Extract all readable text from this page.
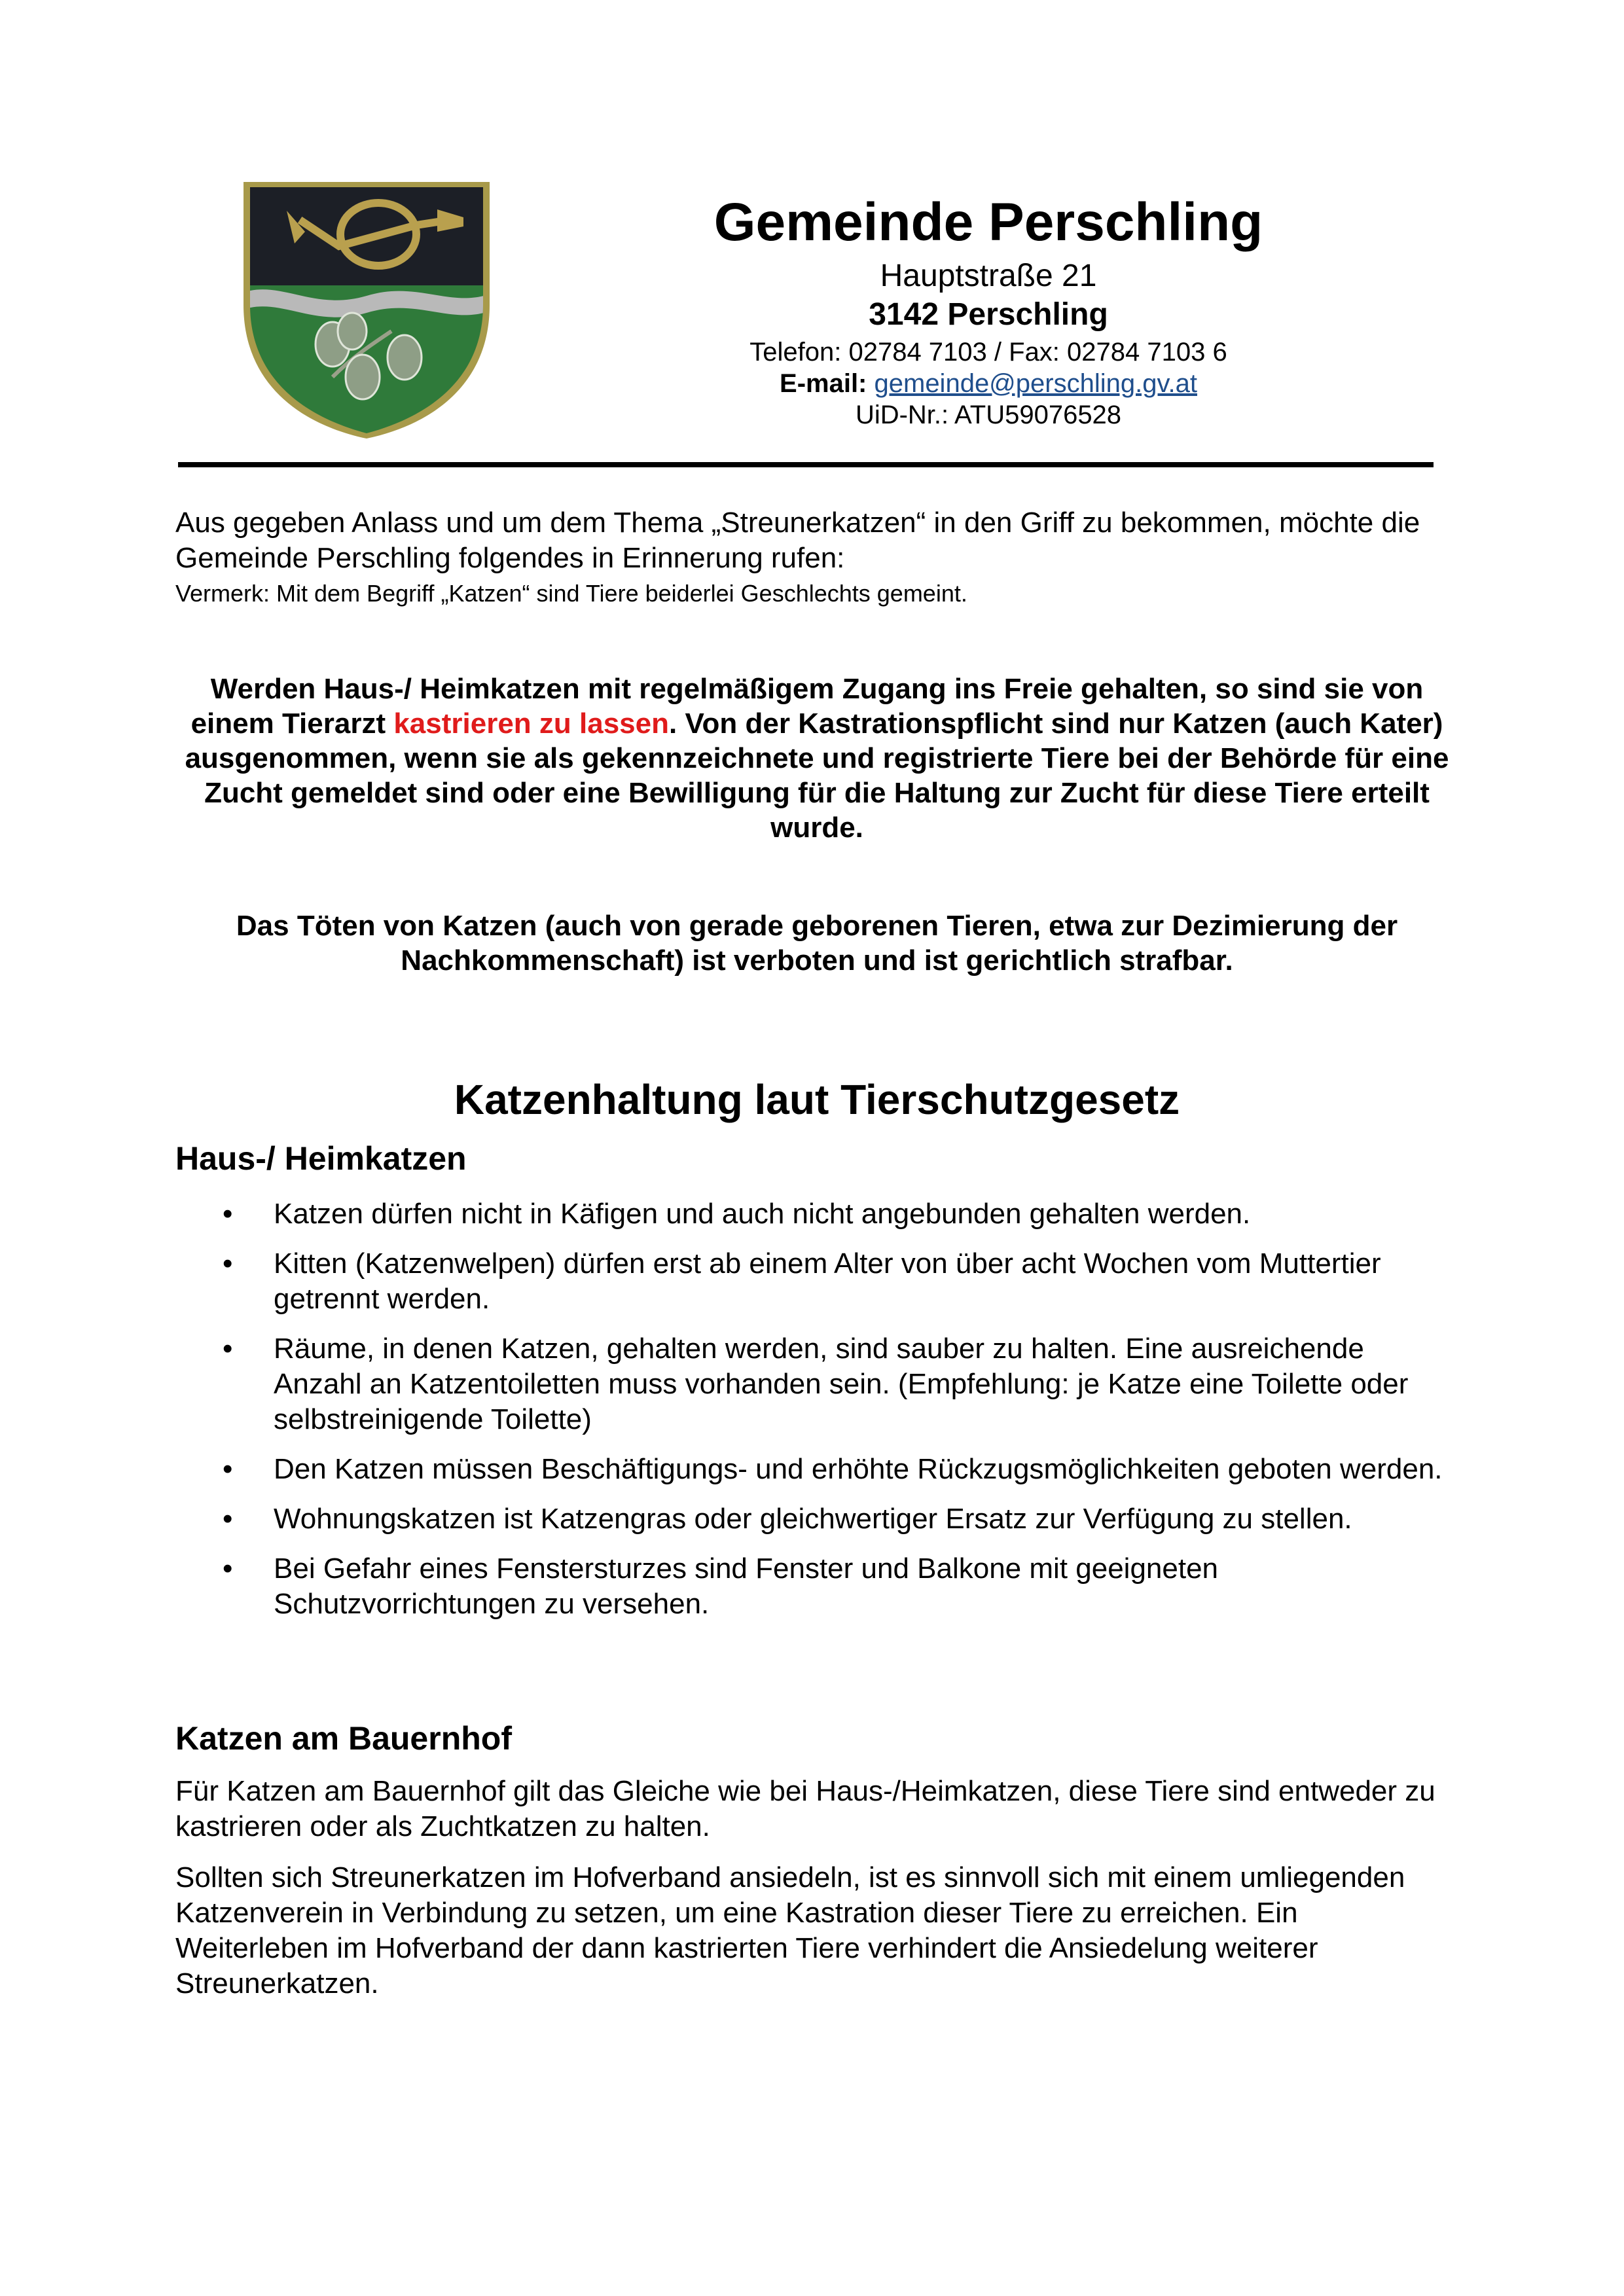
Gemeinde Perschling
Hauptstraße 21
3142 Perschling
Telefon: 02784 7103 / Fax: 02784 7103 6
E-mail: gemeinde@perschling.gv.at
UiD-Nr.: ATU59076528
Aus gegeben Anlass und um dem Thema „Streunerkatzen“ in den Griff zu bekommen, möchte die Gemeinde Perschling folgendes in Erinnerung rufen:
Vermerk: Mit dem Begriff „Katzen“ sind Tiere beiderlei Geschlechts gemeint.
Werden Haus-/ Heimkatzen mit regelmäßigem Zugang ins Freie gehalten, so sind sie von einem Tierarzt kastrieren zu lassen. Von der Kastrationspflicht sind nur Katzen (auch Kater) ausgenommen, wenn sie als gekennzeichnete und registrierte Tiere bei der Behörde für eine Zucht gemeldet sind oder eine Bewilligung für die Haltung zur Zucht für diese Tiere erteilt wurde.
Das Töten von Katzen (auch von gerade geborenen Tieren, etwa zur Dezimierung der Nachkommenschaft) ist verboten und ist gerichtlich strafbar.
Katzenhaltung laut Tierschutzgesetz
Haus-/ Heimkatzen
• Katzen dürfen nicht in Käfigen und auch nicht angebunden gehalten werden.
• Kitten (Katzenwelpen) dürfen erst ab einem Alter von über acht Wochen vom Muttertier getrennt werden.
• Räume, in denen Katzen, gehalten werden, sind sauber zu halten. Eine ausreichende Anzahl an Katzentoiletten muss vorhanden sein. (Empfehlung: je Katze eine Toilette oder selbstreinigende Toilette)
• Den Katzen müssen Beschäftigungs- und erhöhte Rückzugsmöglichkeiten geboten werden.
• Wohnungskatzen ist Katzengras oder gleichwertiger Ersatz zur Verfügung zu stellen.
• Bei Gefahr eines Fenstersturzes sind Fenster und Balkone mit geeigneten Schutzvorrichtungen zu versehen.
Katzen am Bauernhof
Für Katzen am Bauernhof gilt das Gleiche wie bei Haus-/Heimkatzen, diese Tiere sind entweder zu kastrieren oder als Zuchtkatzen zu halten.
Sollten sich Streunerkatzen im Hofverband ansiedeln, ist es sinnvoll sich mit einem umliegenden Katzenverein in Verbindung zu setzen, um eine Kastration dieser Tiere zu erreichen. Ein Weiterleben im Hofverband der dann kastrierten Tiere verhindert die Ansiedelung weiterer Streunerkatzen.
